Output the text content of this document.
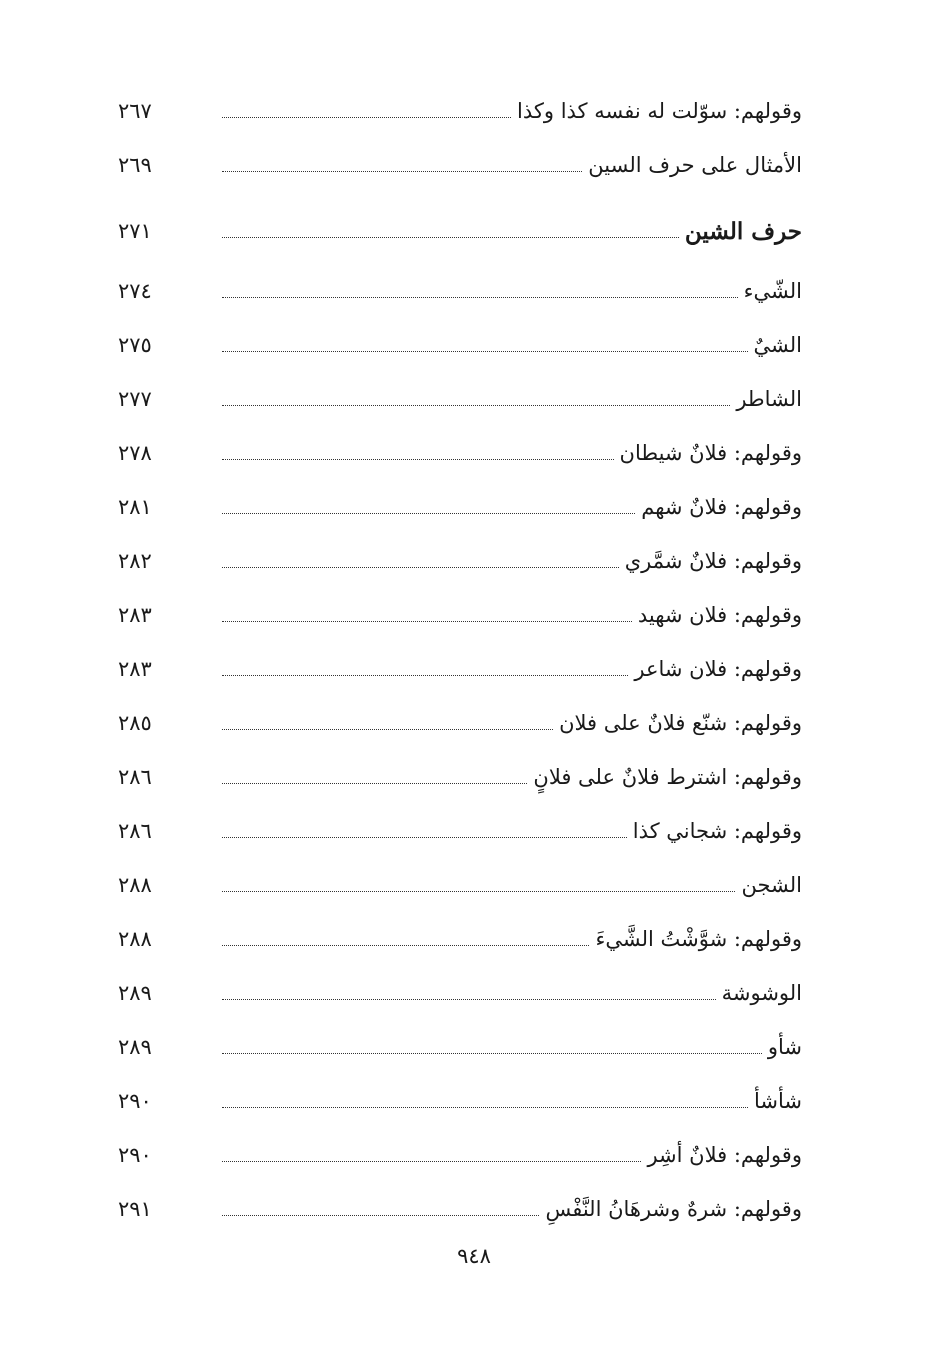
وقولهم: سوّلت له نفسه كذا وكذا
٢٦٧
الأمثال على حرف السين
٢٦٩
حرف الشين
٢٧١
الشّيء
٢٧٤
الشيٌ
٢٧٥
الشاطر
٢٧٧
وقولهم: فلانٌ شيطان
٢٧٨
وقولهم: فلانٌ شهم
٢٨١
وقولهم: فلانٌ شمَّري
٢٨٢
وقولهم: فلان شهيد
٢٨٣
وقولهم: فلان شاعر
٢٨٣
وقولهم: شنّع فلانٌ على فلان
٢٨٥
وقولهم: اشترط فلانٌ على فلانٍ
٢٨٦
وقولهم: شجاني كذا
٢٨٦
الشجن
٢٨٨
وقولهم: شوَّشْتُ الشَّيءَ
٢٨٨
الوشوشة
٢٨٩
شأو
٢٨٩
شأشأ
٢٩٠
وقولهم: فلانٌ أشِر
٢٩٠
وقولهم: شرهٌ وشرهَانُ النَّفْسِ
٢٩١
٩٤٨
